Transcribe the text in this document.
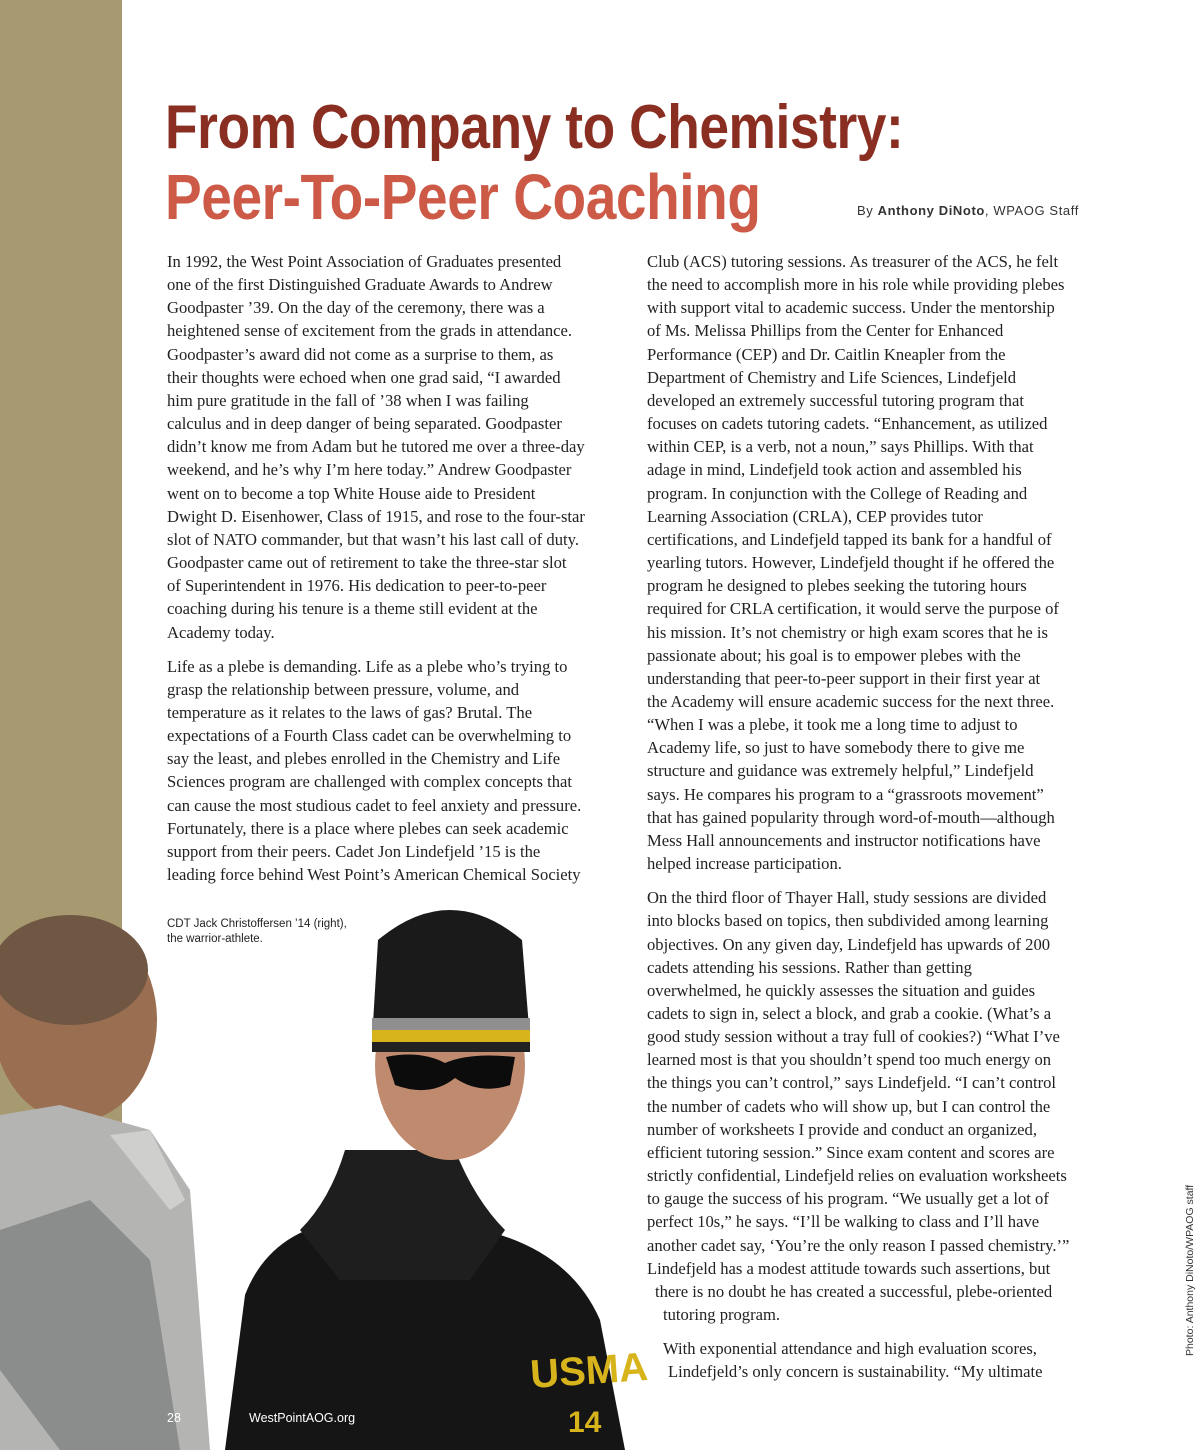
From Company to Chemistry:
Peer-To-Peer Coaching	By Anthony DiNoto, WPAOG Staff

In 1992, the West Point Association of Graduates presented
one of the first Distinguished Graduate Awards to Andrew
Goodpaster ’39. On the day of the ceremony, there was a
heightened sense of excitement from the grads in attendance.
Goodpaster’s award did not come as a surprise to them, as
their thoughts were echoed when one grad said, “I awarded
him pure gratitude in the fall of ’38 when I was failing
calculus and in deep danger of being separated. Goodpaster
didn’t know me from Adam but he tutored me over a three-day
weekend, and he’s why I’m here today.” Andrew Goodpaster
went on to become a top White House aide to President
Dwight D. Eisenhower, Class of 1915, and rose to the four-star
slot of NATO commander, but that wasn’t his last call of duty.
Goodpaster came out of retirement to take the three-star slot
of Superintendent in 1976. His dedication to peer-to-peer
coaching during his tenure is a theme still evident at the
Academy today.

Life as a plebe is demanding. Life as a plebe who’s trying to
grasp the relationship between pressure, volume, and
temperature as it relates to the laws of gas? Brutal. The
expectations of a Fourth Class cadet can be overwhelming to
say the least, and plebes enrolled in the Chemistry and Life
Sciences program are challenged with complex concepts that
can cause the most studious cadet to feel anxiety and pressure.
Fortunately, there is a place where plebes can seek academic
support from their peers. Cadet Jon Lindefjeld ’15 is the
leading force behind West Point’s American Chemical Society

Club (ACS) tutoring sessions. As treasurer of the ACS, he felt
the need to accomplish more in his role while providing plebes
with support vital to academic success. Under the mentorship
of Ms. Melissa Phillips from the Center for Enhanced
Performance (CEP) and Dr. Caitlin Kneapler from the
Department of Chemistry and Life Sciences, Lindefjeld
developed an extremely successful tutoring program that
focuses on cadets tutoring cadets. “Enhancement, as utilized
within CEP, is a verb, not a noun,” says Phillips. With that
adage in mind, Lindefjeld took action and assembled his
program. In conjunction with the College of Reading and
Learning Association (CRLA), CEP provides tutor
certifications, and Lindefjeld tapped its bank for a handful of
yearling tutors. However, Lindefjeld thought if he offered the
program he designed to plebes seeking the tutoring hours
required for CRLA certification, it would serve the purpose of
his mission. It’s not chemistry or high exam scores that he is
passionate about; his goal is to empower plebes with the
understanding that peer-to-peer support in their first year at
the Academy will ensure academic success for the next three.
“When I was a plebe, it took me a long time to adjust to
Academy life, so just to have somebody there to give me
structure and guidance was extremely helpful,” Lindefjeld
says. He compares his program to a “grassroots movement”
that has gained popularity through word-of-mouth—although
Mess Hall announcements and instructor notifications have
helped increase participation.

On the third floor of Thayer Hall, study sessions are divided
into blocks based on topics, then subdivided among learning
objectives. On any given day, Lindefjeld has upwards of 200
cadets attending his sessions. Rather than getting
overwhelmed, he quickly assesses the situation and guides
cadets to sign in, select a block, and grab a cookie. (What’s a
good study session without a tray full of cookies?) “What I’ve
learned most is that you shouldn’t spend too much energy on
the things you can’t control,” says Lindefjeld. “I can’t control
the number of cadets who will show up, but I can control the
number of worksheets I provide and conduct an organized,
efficient tutoring session.” Since exam content and scores are
strictly confidential, Lindefjeld relies on evaluation worksheets
to gauge the success of his program. “We usually get a lot of
perfect 10s,” he says. “I’ll be walking to class and I’ll have
another cadet say, ‘You’re the only reason I passed chemistry.’”
Lindefjeld has a modest attitude towards such assertions, but
there is no doubt he has created a successful, plebe-oriented
tutoring program.

With exponential attendance and high evaluation scores,
Lindefjeld’s only concern is sustainability. “My ultimate

USMA
14
CDT Jack Christoffersen ’14 (right),
the warrior-athlete.
28	WestPointAOG.org
Photo: Anthony DiNoto/WPAOG staff
